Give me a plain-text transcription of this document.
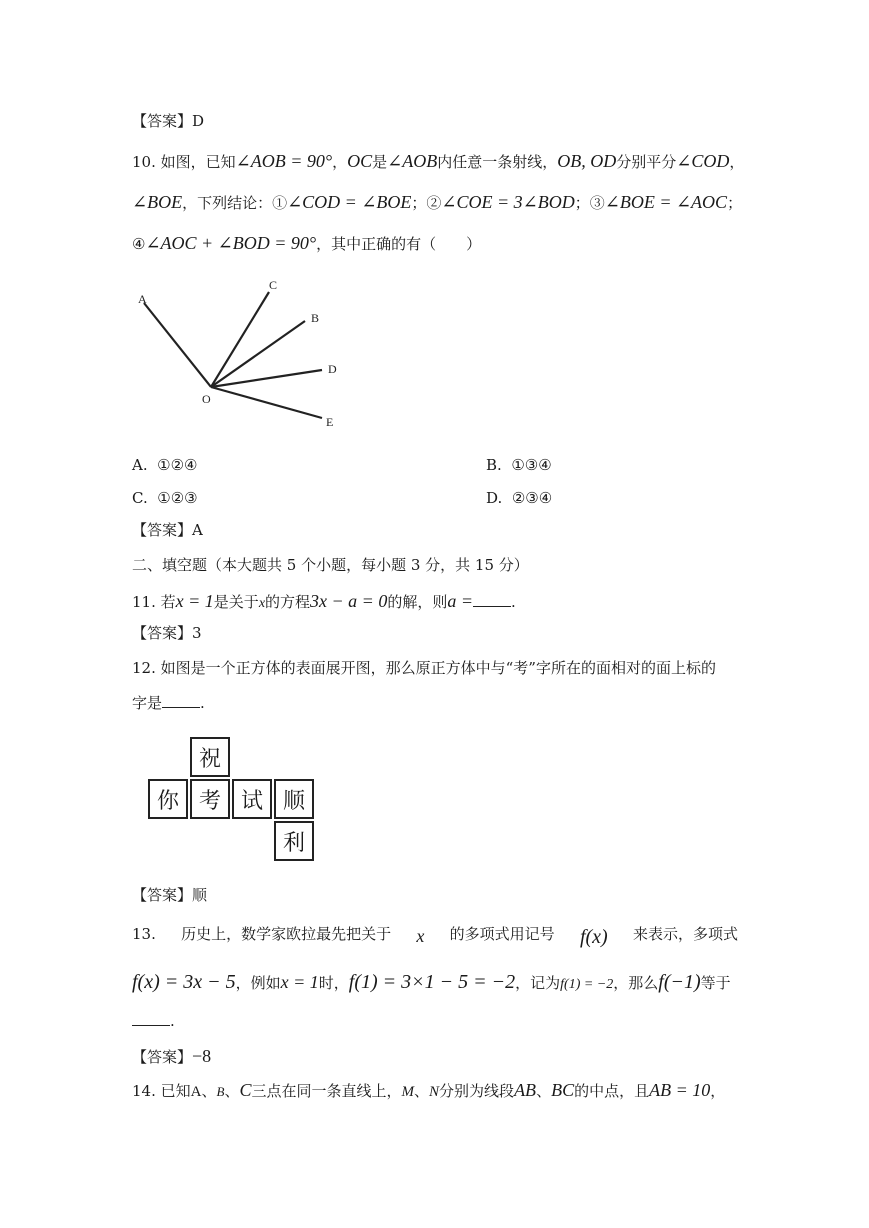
【答案】D
10. 如图，已知∠AOB = 90°，OC是∠AOB内任意一条射线，OB, OD分别平分∠COD，
∠BOE，下列结论：①∠COD = ∠BOE；②∠COE = 3∠BOD；③∠BOE = ∠AOC；
④∠AOC + ∠BOD = 90°，其中正确的有（　　）
A
C
B
D
E
O
A. ①②④	B. ①③④
C. ①②③	D. ②③④
【答案】A
二、填空题（本大题共 5 个小题，每小题 3 分，共 15 分）
11. 若x = 1是关于x的方程3x − a = 0的解，则a =	.
【答案】3
12. 如图是一个正方体的表面展开图，那么原正方体中与“考”字所在的面相对的面上标的
字是	.
祝
你 考 试 顺
利
【答案】顺
13. 历史上，数学家欧拉最先把关于 x 的多项式用记号 f(x) 来表示，多项式
f(x) = 3x − 5，例如x = 1时，f(1) = 3×1 − 5 = −2，记为f(1) = −2，那么f(−1)等于
.
【答案】−8
14. 已知A、B、C三点在同一条直线上，M、N分别为线段AB、BC的中点，且AB = 10，
